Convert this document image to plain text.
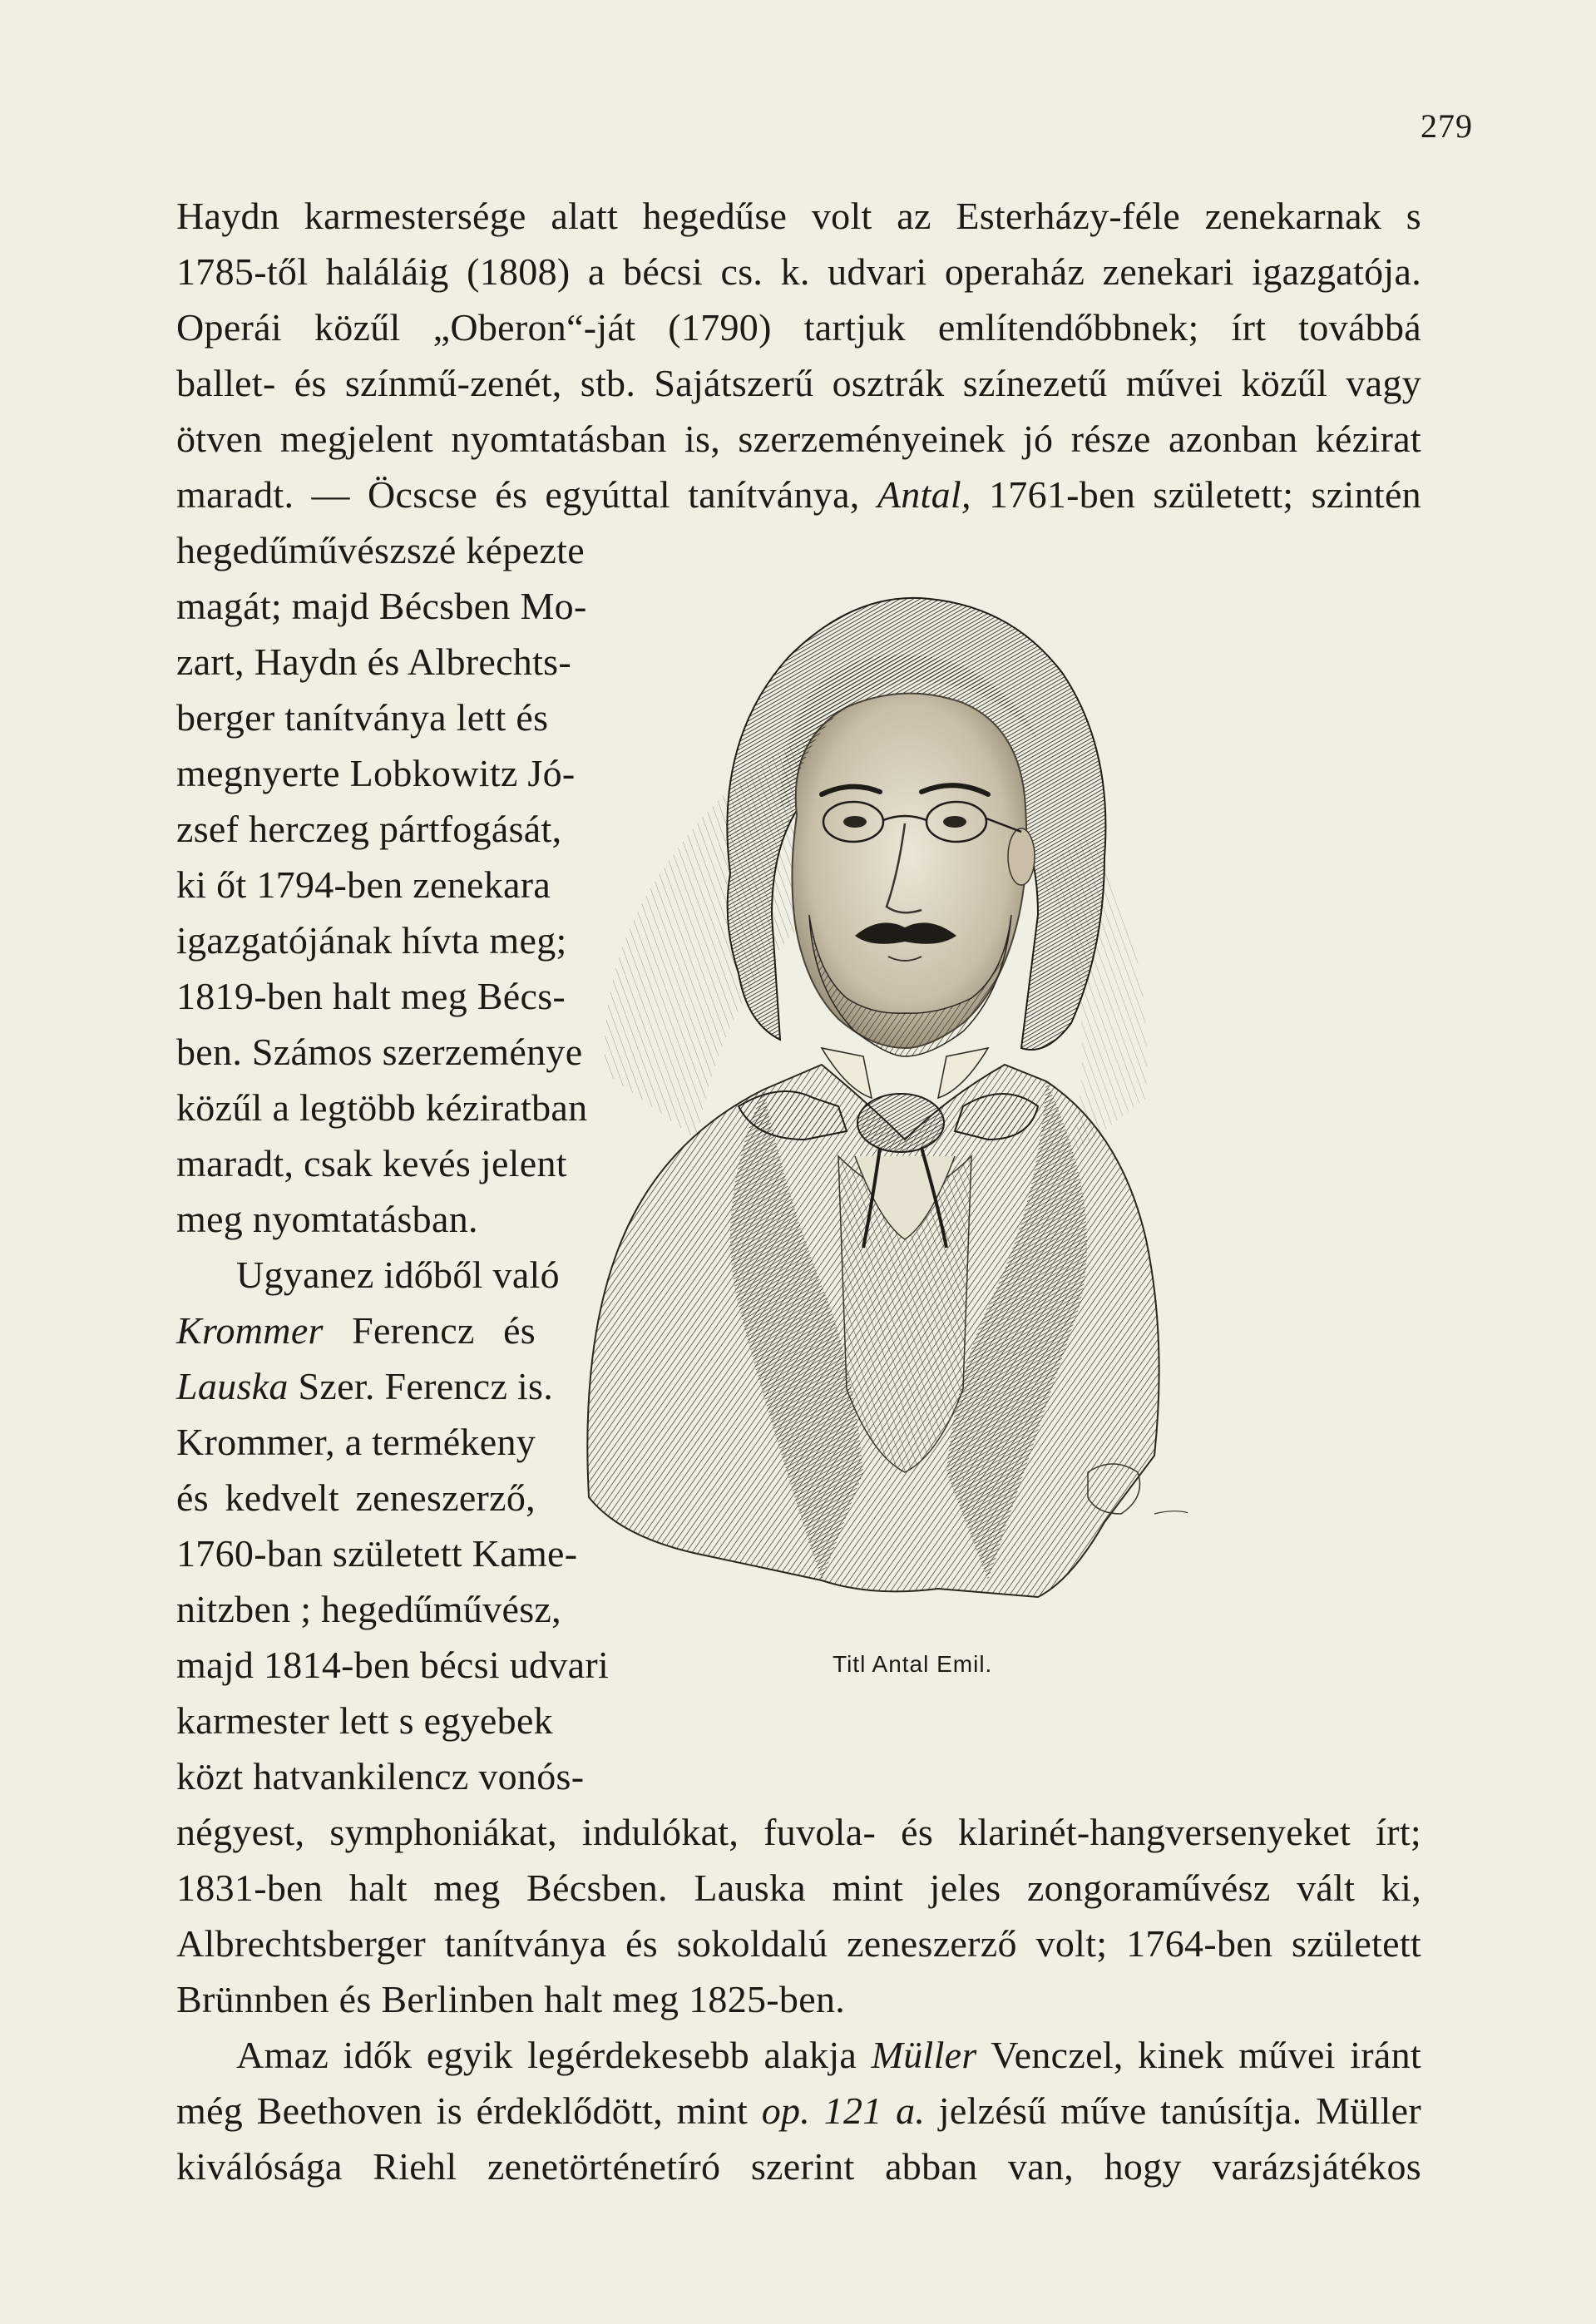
279
Haydn karmestersége alatt hegedűse volt az Esterházy-féle zenekarnak s
1785-től haláláig (1808) a bécsi cs. k. udvari operaház zenekari igazgatója.
Operái közűl „Oberon“-ját (1790) tartjuk említendőbbnek; írt továbbá
ballet- és színmű-zenét, stb. Sajátszerű osztrák színezetű művei közűl vagy
ötven megjelent nyomtatásban is, szerzeményeinek jó része azonban kézirat
maradt. — Öcscse és egyúttal tanítványa, Antal, 1761-ben született; szintén
hegedűművészszé képezte
magát; majd Bécsben Mo-
zart, Haydn és Albrechts-
berger tanítványa lett és
megnyerte Lobkowitz Jó-
zsef herczeg pártfogását,
ki őt 1794-ben zenekara
igazgatójának hívta meg;
1819-ben halt meg Bécs-
ben. Számos szerzeménye
közűl a legtöbb kéziratban
maradt, csak kevés jelent
meg nyomtatásban.
Ugyanez időből való
Krommer Ferencz és
Lauska Szer. Ferencz is.
Krommer, a termékeny
és kedvelt zeneszerző,
1760-ban született Kame-
nitzben ; hegedűművész,
majd 1814-ben bécsi udvari
karmester lett s egyebek
közt hatvankilencz vonós-
négyest, symphoniákat, indulókat, fuvola- és klarinét-hangversenyeket írt;
1831-ben halt meg Bécsben. Lauska mint jeles zongoraművész vált ki,
Albrechtsberger tanítványa és sokoldalú zeneszerző volt; 1764-ben született
Brünnben és Berlinben halt meg 1825-ben.
Amaz idők egyik legérdekesebb alakja Müller Venczel, kinek művei iránt
még Beethoven is érdeklődött, mint op. 121 a. jelzésű műve tanúsítja. Müller
kiválósága Riehl zenetörténetíró szerint abban van, hogy varázsjátékos
Titl Antal Emil.
